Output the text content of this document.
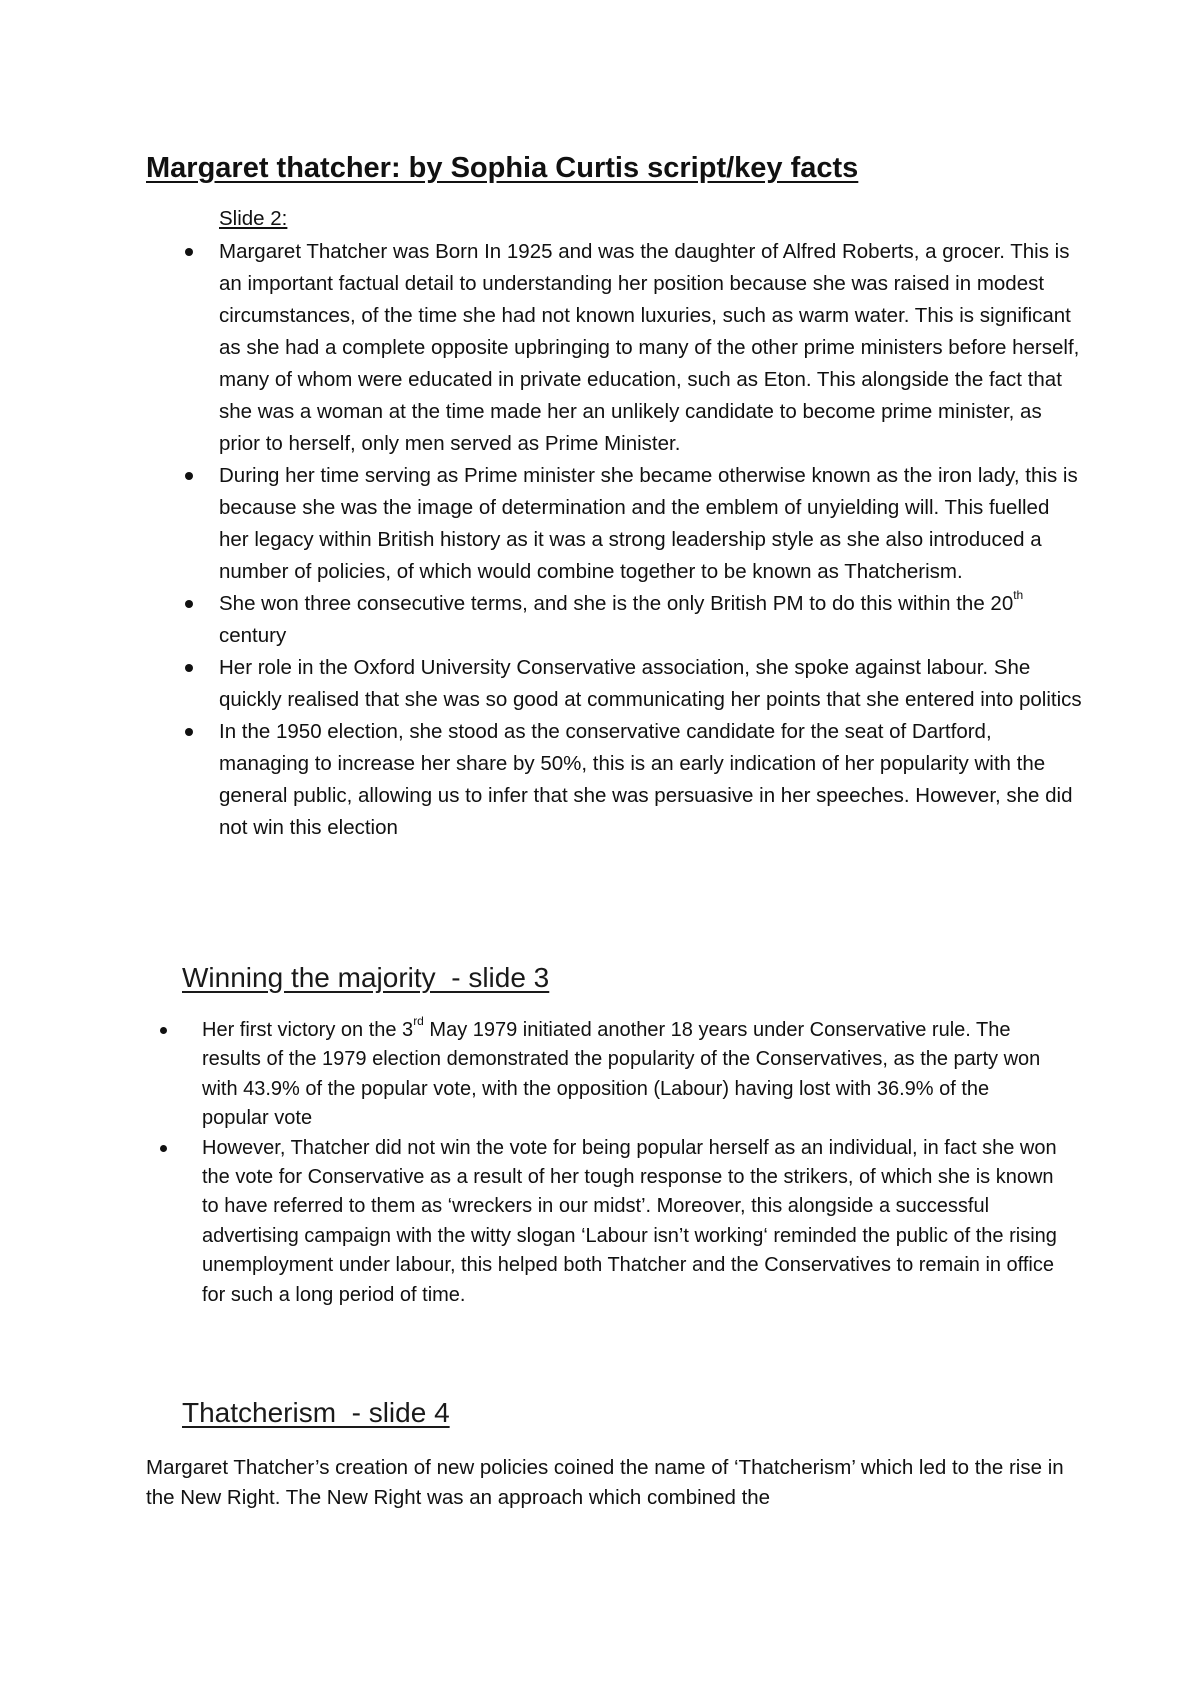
Margaret thatcher: by Sophia Curtis script/key facts
Slide 2:
Margaret Thatcher was Born In 1925 and was the daughter of Alfred Roberts, a grocer. This is an important factual detail to understanding her position because she was raised in modest circumstances, of the time she had not known luxuries, such as warm water. This is significant as she had a complete opposite upbringing to many of the other prime ministers before herself, many of whom were educated in private education, such as Eton. This alongside the fact that she was a woman at the time made her an unlikely candidate to become prime minister, as prior to herself, only men served as Prime Minister.
During her time serving as Prime minister she became otherwise known as the iron lady, this is because she was the image of determination and the emblem of unyielding will. This fuelled her legacy within British history as it was a strong leadership style as she also introduced a number of policies, of which would combine together to be known as Thatcherism.
She won three consecutive terms, and she is the only British PM to do this within the 20th century
Her role in the Oxford University Conservative association, she spoke against labour. She quickly realised that she was so good at communicating her points that she entered into politics
In the 1950 election, she stood as the conservative candidate for the seat of Dartford, managing to increase her share by 50%, this is an early indication of her popularity with the general public, allowing us to infer that she was persuasive in her speeches. However, she did not win this election
Winning the majority  - slide 3
Her first victory on the 3rd May 1979 initiated another 18 years under Conservative rule. The results of the 1979 election demonstrated the popularity of the Conservatives, as the party won with 43.9% of the popular vote, with the opposition (Labour) having lost with 36.9% of the popular vote
However, Thatcher did not win the vote for being popular herself as an individual, in fact she won the vote for Conservative as a result of her tough response to the strikers, of which she is known to have referred to them as ‘wreckers in our midst’. Moreover, this alongside a successful advertising campaign with the witty slogan ‘Labour isn’t working‘ reminded the public of the rising unemployment under labour, this helped both Thatcher and the Conservatives to remain in office for such a long period of time.
Thatcherism  - slide 4
Margaret Thatcher’s creation of new policies coined the name of ‘Thatcherism’ which led to the rise in the New Right. The New Right was an approach which combined the
